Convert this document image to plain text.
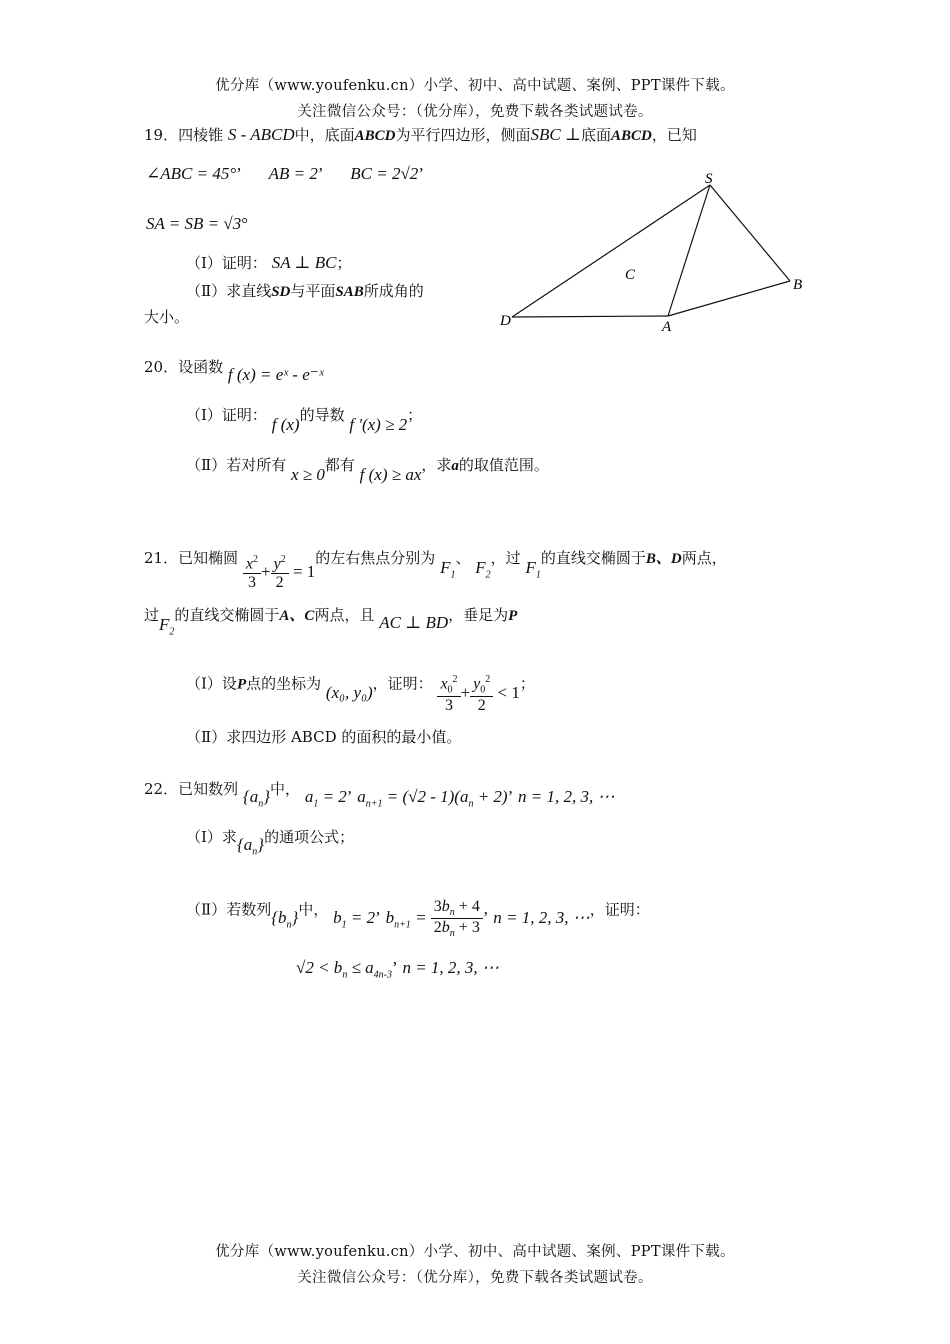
优分库（www.youfenku.cn）小学、初中、高中试题、案例、PPT课件下载。
关注微信公众号：（优分库），免费下载各类试题试卷。
19．四棱锥 S - ABCD中，底面ABCD为平行四边形，侧面SBC ⊥底面ABCD，已知
∠ABC = 45°’ AB = 2’ BC = 2√2’
SA = SB = √3°
（Ⅰ）证明： SA ⊥ BC；
（Ⅱ）求直线SD与平面SAB所成角的
大小。
S
B
C
D	A
20．设函数 f (x) = eˣ - e⁻ˣ
（Ⅰ）证明： f (x)的导数 f '(x) ≥ 2；
（Ⅱ）若对所有 x ≥ 0都有 f (x) ≥ ax，求a的取值范围。
21．已知椭圆 $\frac{x^2}{3} + \frac{y^2}{2} = 1$的左右焦点分别为 $F_1$、 $F_2$，过 $F_1$的直线交椭圆于B、D两点，
过$F_2$的直线交椭圆于A、C两点，且 AC ⊥ BD，垂足为P
（Ⅰ）设P点的坐标为 (x₀, y₀)，证明： $\frac{x_0^2}{3} + \frac{y_0^2}{2} < 1$；
（Ⅱ）求四边形 ABCD 的面积的最小值。
22．已知数列 $\{a_n\}$中， $a_1 = 2$’ $a_{n+1} = (√2 - 1)(a_n + 2)$’ n = 1, 2, 3, ⋯
（Ⅰ）求$\{a_n\}$的通项公式；
（Ⅱ）若数列$\{b_n\}$中， $b_1 = 2$’ $b_{n+1} = \frac{3b_n + 4}{2b_n + 3}$ ’ n = 1, 2, 3, ⋯，证明：
$√2 < b_n \le a_{4n-3}$’ n = 1, 2, 3, ⋯
优分库（www.youfenku.cn）小学、初中、高中试题、案例、PPT课件下载。
关注微信公众号：（优分库），免费下载各类试题试卷。
